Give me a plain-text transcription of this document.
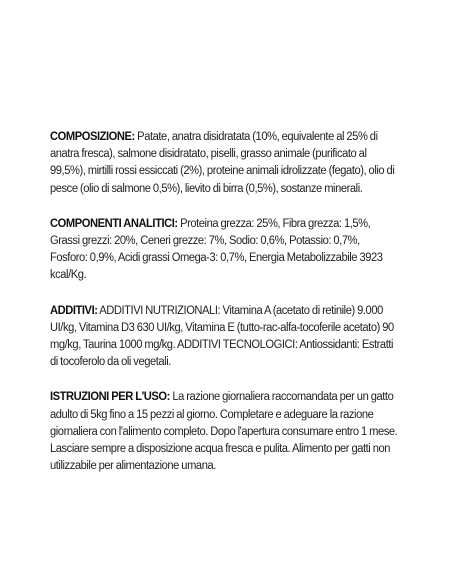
COMPOSIZIONE: Patate, anatra disidratata (10%, equivalente al 25% di anatra fresca), salmone disidratato, piselli, grasso animale (purificato al 99,5%), mirtilli rossi essiccati (2%), proteine animali idrolizzate (fegato), olio di pesce (olio di salmone 0,5%), lievito di birra (0,5%), sostanze minerali.

COMPONENTI ANALITICI: Proteina grezza: 25%, Fibra grezza: 1,5%, Grassi grezzi: 20%, Ceneri grezze: 7%, Sodio: 0,6%, Potassio: 0,7%, Fosforo: 0,9%, Acidi grassi Omega-3: 0,7%, Energia Metabolizzabile 3923 kcal/Kg.

ADDITIVI: ADDITIVI NUTRIZIONALI: Vitamina A (acetato di retinile) 9.000 UI/kg, Vitamina D3 630 UI/kg, Vitamina E (tutto-rac-alfa-tocoferile acetato) 90 mg/kg, Taurina 1000 mg/kg. ADDITIVI TECNOLOGICI: Antiossidanti: Estratti di tocoferolo da oli vegetali.

ISTRUZIONI PER L'USO: La razione giornaliera raccomandata per un gatto adulto di 5kg fino a 15 pezzi al giorno. Completare e adeguare la razione giornaliera con l'alimento completo. Dopo l'apertura consumare entro 1 mese. Lasciare sempre a disposizione acqua fresca e pulita. Alimento per gatti non utilizzabile per alimentazione umana.
